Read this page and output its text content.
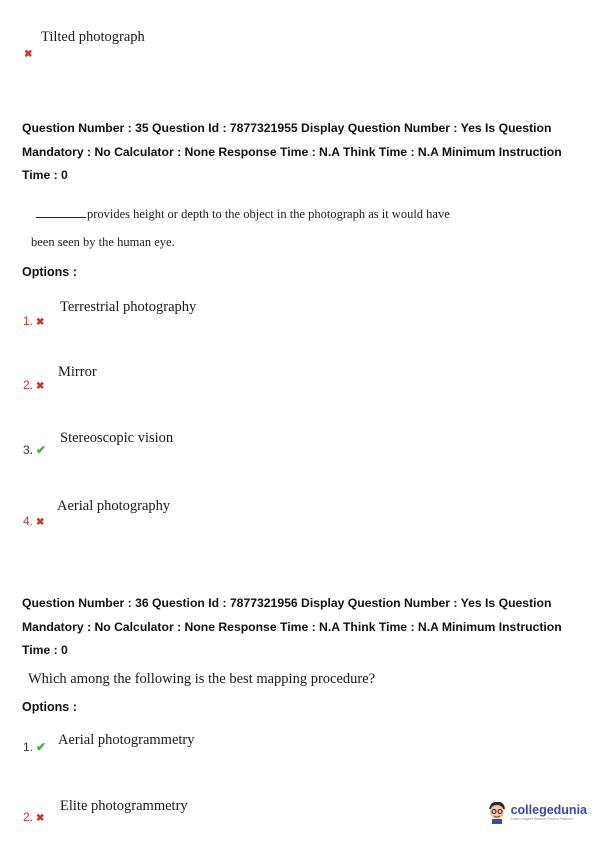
Tilted photograph
✖
Question Number : 35 Question Id : 7877321955 Display Question Number : Yes Is Question
Mandatory : No Calculator : None Response Time : N.A Think Time : N.A Minimum Instruction
Time : 0
provides height or depth to the object in the photograph as it would have
been seen by the human eye.
Options :
Terrestrial photography
1. ✖
Mirror
2. ✖
Stereoscopic vision
3. ✔
Aerial photography
4. ✖
Question Number : 36 Question Id : 7877321956 Display Question Number : Yes Is Question
Mandatory : No Calculator : None Response Time : N.A Think Time : N.A Minimum Instruction
Time : 0
Which among the following is the best mapping procedure?
Options :
Aerial photogrammetry
1. ✔
Elite photogrammetry
2. ✖
collegedunia
India's largest Student Review Platform
